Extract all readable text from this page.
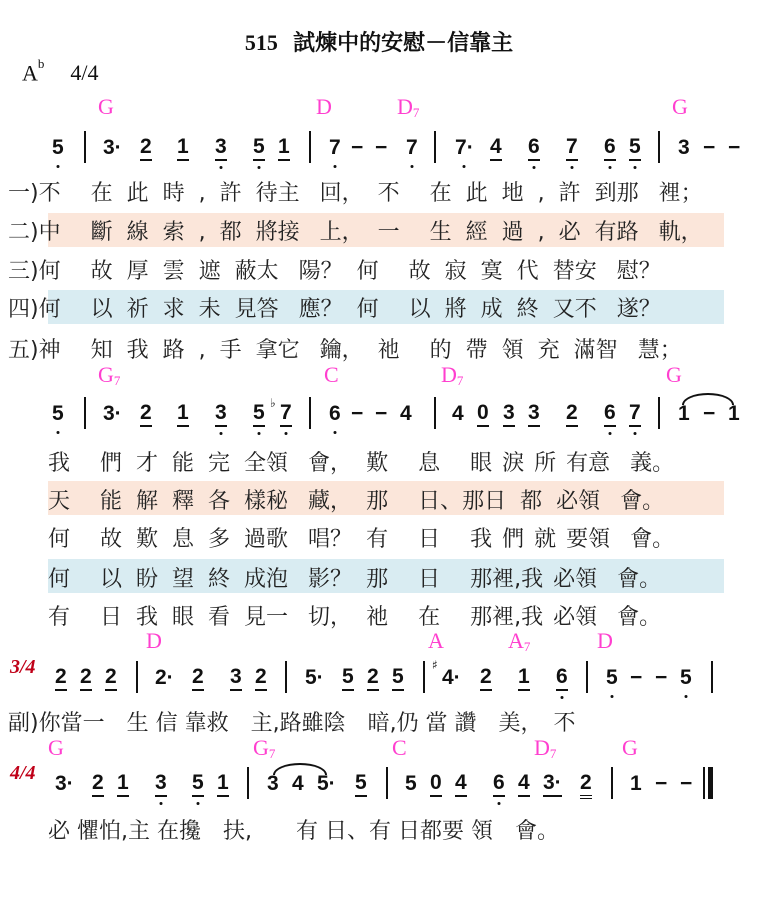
515 試煉中的安慰－信靠主
$A^b$ 4/4
G	D	$D_7$	G
5 3· 2 1 3 5 1 7 − − 7 7
· 4 6 7 6 5 3 − −
一)不 在此時,許待主 回， 不 在此地,許到那 裡；
二)中 斷線索,都將接 上， 一 生經過,必有路 軌，
三)何 故厚雲遮蔽太 陽？ 何 故寂寞代替安 慰？
四)何 以祈求未見答 應？ 何 以將成終又不 遂？
五)神 知我路,手拿它 鑰， 祂 的帶領充滿智 慧；
$G_7$	C	$D_7$	G
5 3· 2 1 3 5 ♭ 7 6 − − 4 4 0 3 3 2 6 7 1 − 1
我 們才能完全領 會， 歎 息 眼淚所有意 義。
天 能解釋各樣秘 藏， 那 日、那日 都 必領 會。
何 故歎息多過歌 唱？ 有 日 我們就要領 會。
何 以盼望終成泡 影？ 那 日 那裡,我 必領 會。
有 日我眼看見一 切， 祂 在 那裡,我 必領 會。
D	A	$A_7$	D
3/4 2 2 2 2· 2 3 2 5· 5 2 5 ♯
4· 2 1 6 5 − − 5
副)你當一　生 信 靠救　主,路雖陰　暗,仍 當 讚　美，　不
G	$G_7$	C	$D_7$	G
4/4 3· 2 1 3 5 1 3 4 5· 5 5 0 4 6 4 3· 2 1 − −
必 懼怕,主 在攙　扶,　　有 日、有 日都要 領　會。
